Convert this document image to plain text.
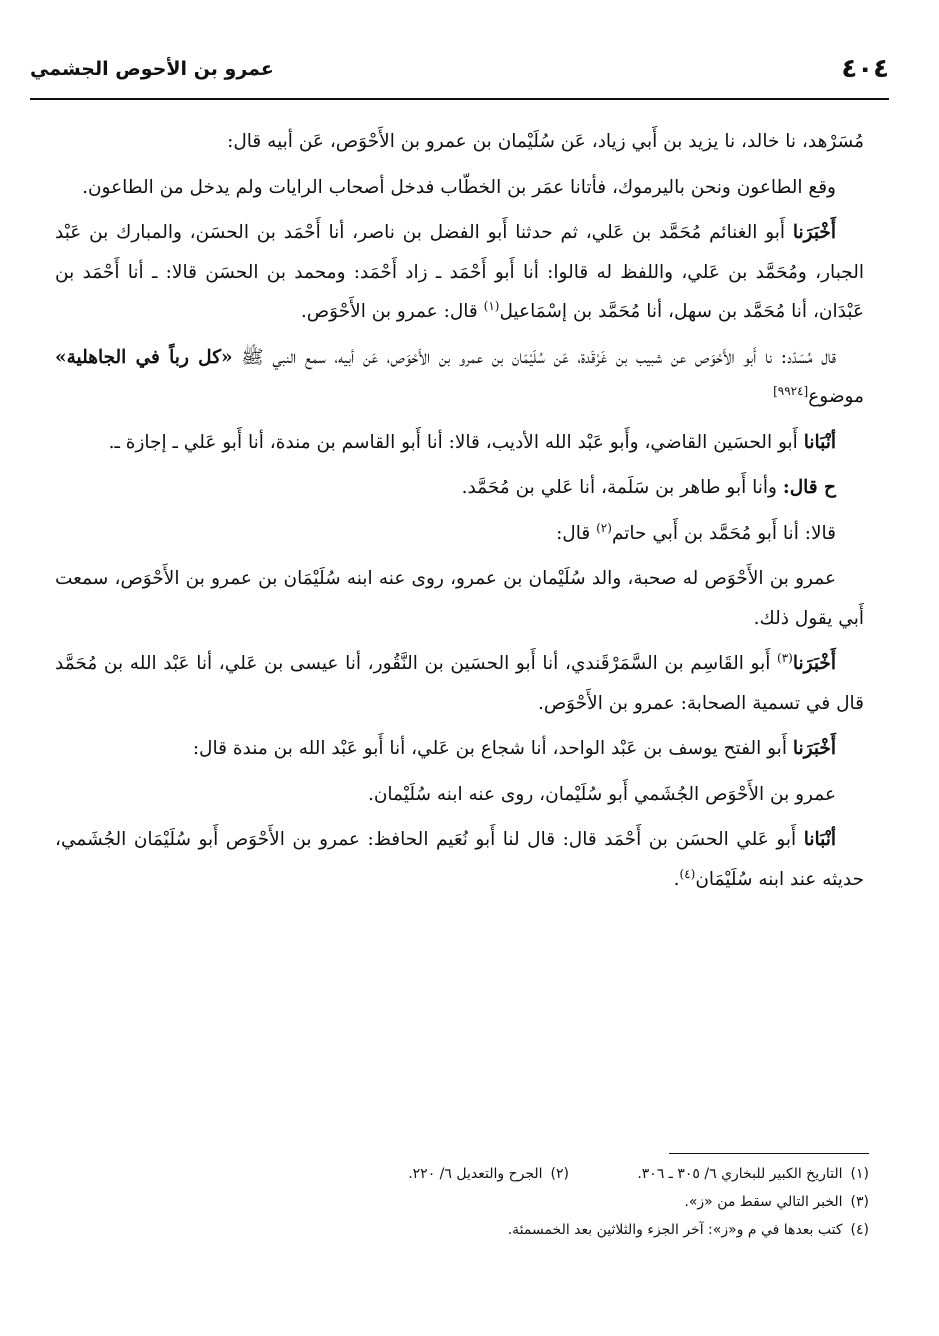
٤٠٤
عمرو بن الأحوص الجشمي

مُسَرْهد، نا خالد، نا يزيد بن أَبي زياد، عَن سُلَيْمان بن عمرو بن الأَحْوَص، عَن أبيه قال:

وقع الطاعون ونحن باليرموك، فأتانا عمَر بن الخطّاب فدخل أصحاب الرايات ولم يدخل من الطاعون.

أَخْبَرَنا أَبو الغنائم مُحَمَّد بن عَلي، ثم حدثنا أَبو الفضل بن ناصر، أنا أَحْمَد بن الحسَن، والمبارك بن عَبْد الجبار، ومُحَمَّد بن عَلي، واللفظ له قالوا: أنا أَبو أَحْمَد ـ زاد أَحْمَد: ومحمد بن الحسَن قالا: ـ أنا أَحْمَد بن عَبْدَان، أنا مُحَمَّد بن سهل، أنا مُحَمَّد بن إسْمَاعيل$^{(١)}$ قال: عمرو بن الأَحْوَص.

قال مُسَدّد: نا أَبو الأَحْوَص عن شبيب بن غَرْقَدة، عَن سُلَيْمَان بن عمرو بن الأَحْوَص، عَن أبيه، سمع النبي ﷺ «كل رباً في الجاهلية» موضوع[٩٩٢٤]

أنْبَانا أَبو الحسَين القاضي، وأَبو عَبْد الله الأديب، قالا: أنا أَبو القاسم بن مندة، أنا أَبو عَلي ـ إجازة ـ.

ح قال: وأنا أَبو طاهر بن سَلَمة، أنا عَلي بن مُحَمَّد.

قالا: أنا أَبو مُحَمَّد بن أَبي حاتم$^{(٢)}$ قال:

عمرو بن الأَحْوَص له صحبة، والد سُلَيْمان بن عمرو، روى عنه ابنه سُلَيْمَان بن عمرو بن الأَحْوَص، سمعت أَبي يقول ذلك.

أَخْبَرَنا$^{(٣)}$ أَبو القَاسِم بن السَّمَرْقَندي، أنا أَبو الحسَين بن النَّقُور، أنا عيسى بن عَلي، أنا عَبْد الله بن مُحَمَّد قال في تسمية الصحابة: عمرو بن الأَحْوَص.

أَخْبَرَنا أَبو الفتح يوسف بن عَبْد الواحد، أنا شجاع بن عَلي، أنا أَبو عَبْد الله بن مندة قال:

عمرو بن الأَحْوَص الجُشَمي أَبو سُلَيْمان، روى عنه ابنه سُلَيْمان.

أنْبَانا أَبو عَلي الحسَن بن أَحْمَد قال: قال لنا أَبو نُعَيم الحافظ: عمرو بن الأَحْوَص أَبو سُلَيْمَان الجُشَمي، حديثه عند ابنه سُلَيْمَان$^{(٤)}$.

(١)التاريخ الكبير للبخاري ٦/ ٣٠٥ ـ ٣٠٦.
(٢)الجرح والتعديل ٦/ ٢٢٠.
(٣)الخبر التالي سقط من «ز».
(٤)كتب بعدها في م و«ز»: آخر الجزء والثلاثين بعد الخمسمئة.
